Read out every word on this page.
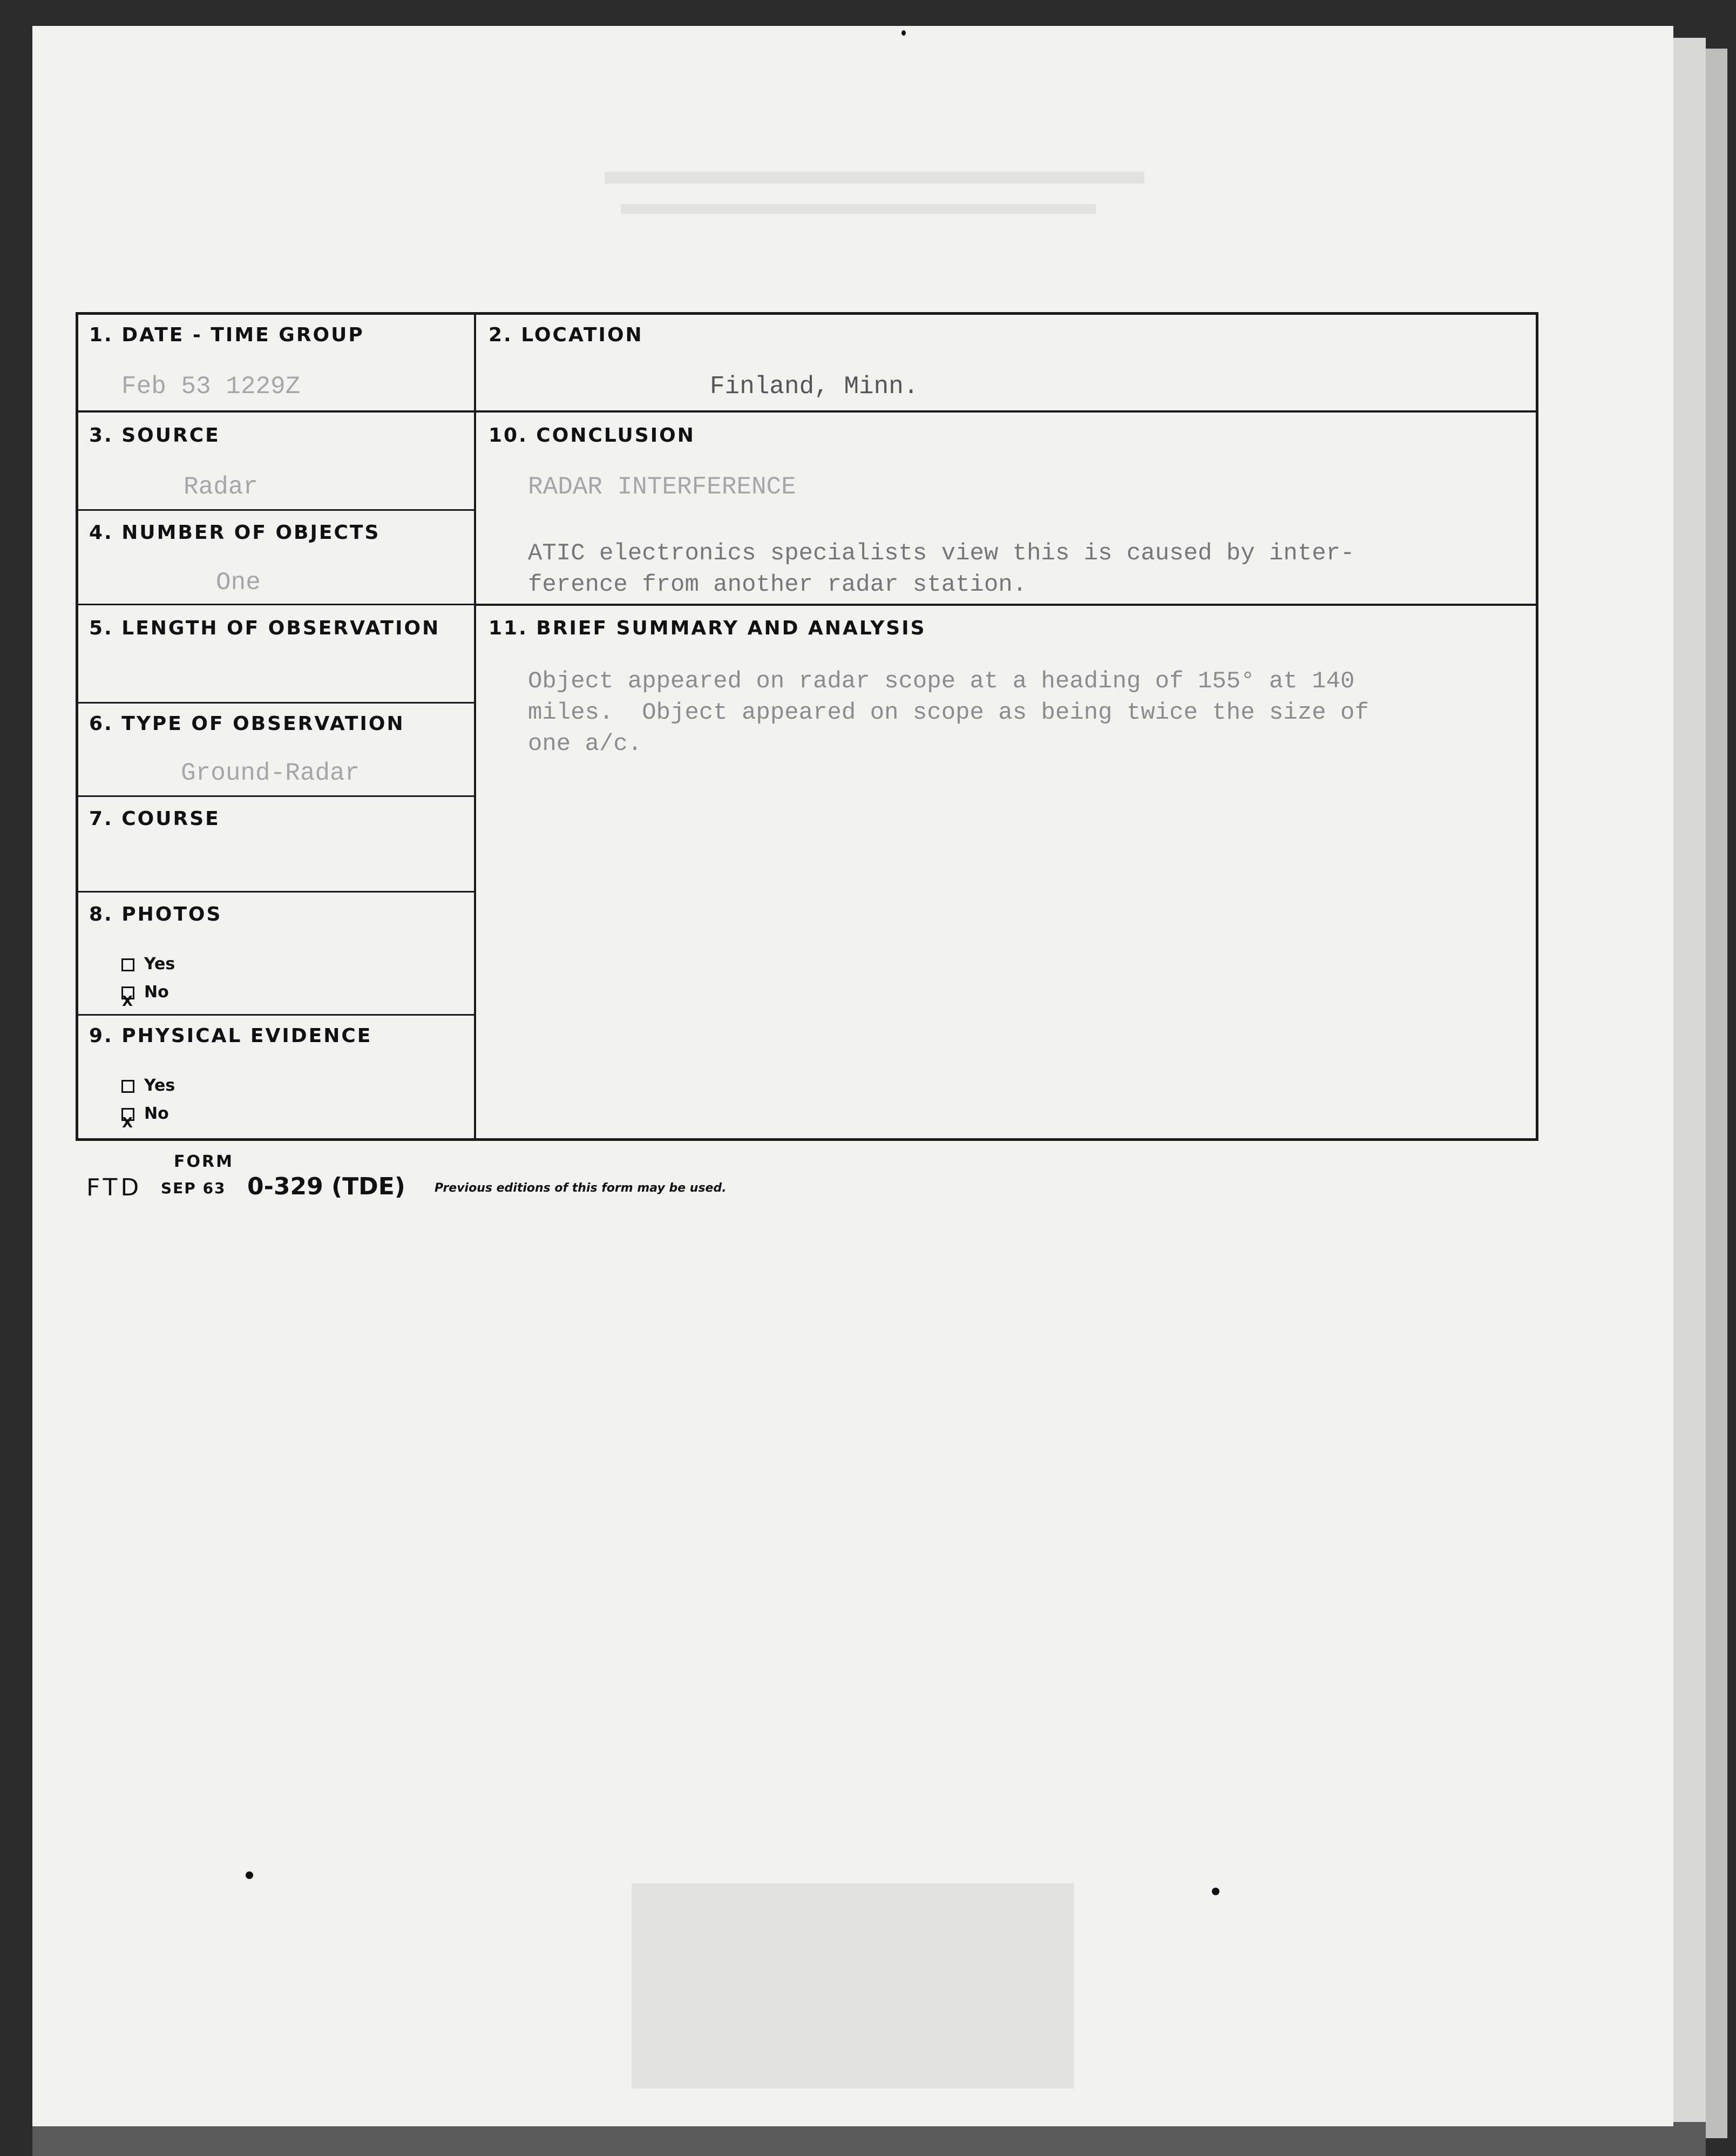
1. DATE - TIME GROUP
Feb 53 1229Z
2. LOCATION
Finland, Minn.
3. SOURCE
Radar
4. NUMBER OF OBJECTS
One
5. LENGTH OF OBSERVATION
6. TYPE OF OBSERVATION
Ground-Radar
7. COURSE
8. PHOTOS
Yes
XNo
9. PHYSICAL EVIDENCE
Yes
XNo
10. CONCLUSION
RADAR INTERFERENCE
ATIC electronics specialists view this is caused by inter-
ference from another radar station.
11. BRIEF SUMMARY AND ANALYSIS
Object appeared on radar scope at a heading of 155° at 140
miles.  Object appeared on scope as being twice the size of
one a/c.
FORM
FTD SEP 63 0-329 (TDE) Previous editions of this form may be used.
